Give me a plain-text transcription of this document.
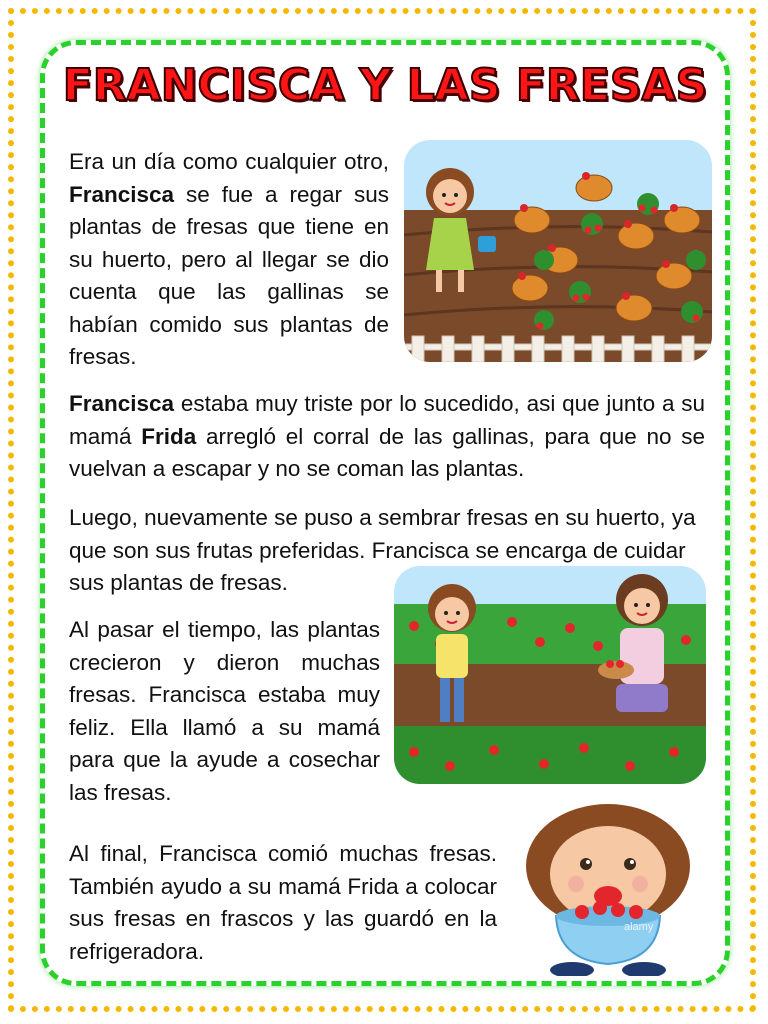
FRANCISCA Y LAS FRESAS

Era un día como cualquier otro, Francisca se fue a regar sus plantas de fresas que tiene en su huerto, pero al llegar se dio cuenta que las gallinas se habían comido sus plantas de fresas.

Francisca estaba muy triste por lo sucedido, asi que junto a su mamá Frida arregló el corral de las gallinas, para que no se vuelvan a escapar y no se coman las plantas.

Luego, nuevamente se puso a sembrar fresas en su huerto, ya que son sus frutas preferidas. Francisca se encarga de cuidar sus plantas de fresas.

Al pasar el tiempo, las plantas crecieron y dieron muchas fresas. Francisca estaba muy feliz. Ella llamó a su mamá para que la ayude a cosechar las fresas.

Al final, Francisca comió muchas fresas. También ayudo a su mamá Frida a colocar sus fresas en frascos y las guardó en la refrigeradora.

alamy
